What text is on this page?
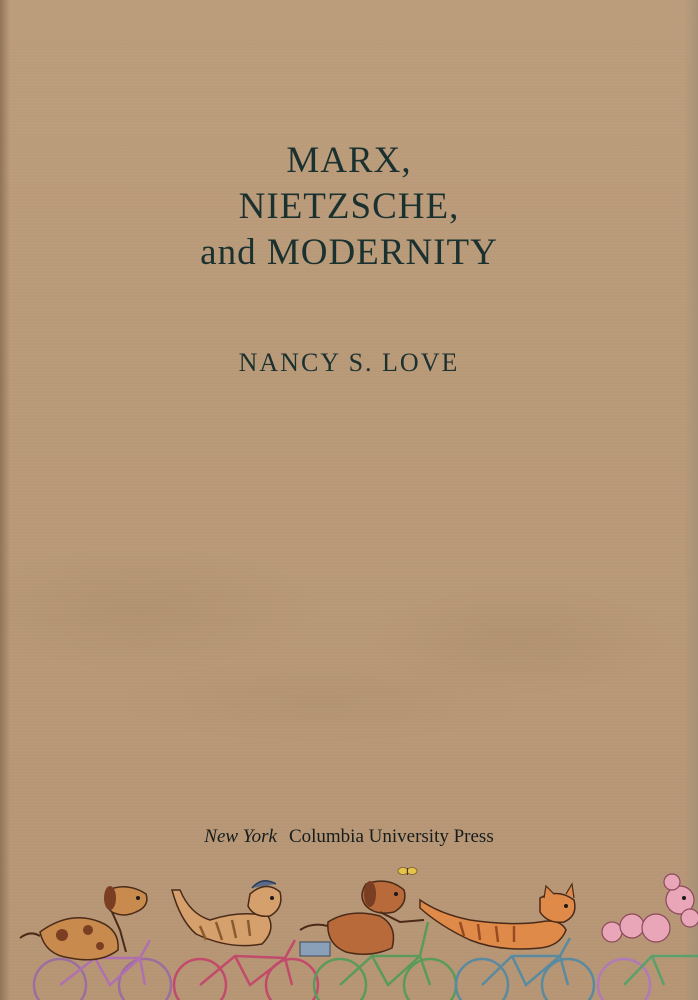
MARX,
NIETZSCHE,
and MODERNITY
NANCY S. LOVE
New York Columbia University Press
